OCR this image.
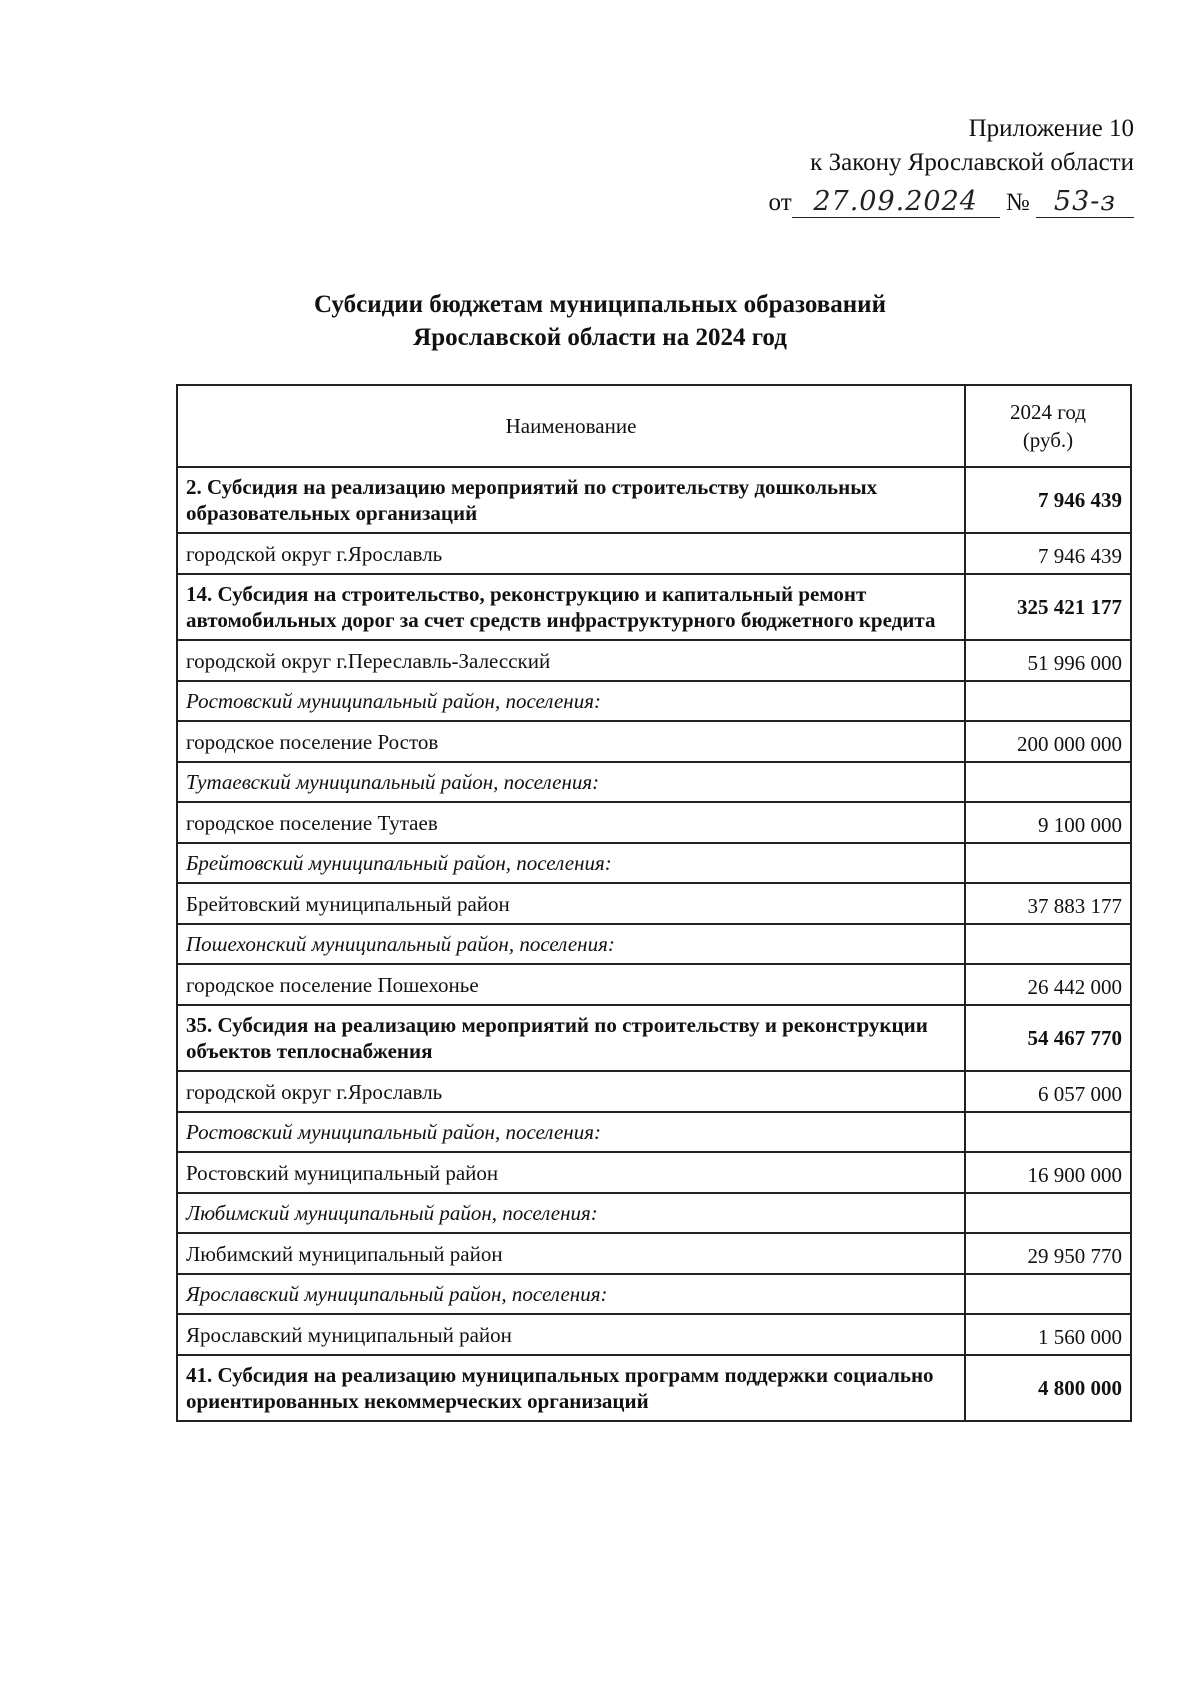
Приложение 10
к Закону Ярославской области
от 27.09.2024 № 53-з
Субсидии бюджетам муниципальных образований
Ярославской области на 2024 год
Наименование	2024 год
(руб.)
2. Субсидия на реализацию мероприятий по строительству дошкольных образовательных организаций	7 946 439
городской округ г.Ярославль	7 946 439
14. Субсидия на строительство, реконструкцию и капитальный ремонт автомобильных дорог за счет средств инфраструктурного бюджетного кредита	325 421 177
городской округ г.Переславль-Залесский	51 996 000
Ростовский муниципальный район, поселения:	
городское поселение Ростов	200 000 000
Тутаевский муниципальный район, поселения:	
городское поселение Тутаев	9 100 000
Брейтовский муниципальный район, поселения:	
Брейтовский муниципальный район	37 883 177
Пошехонский муниципальный район, поселения:	
городское поселение Пошехонье	26 442 000
35. Субсидия на реализацию мероприятий по строительству и реконструкции объектов теплоснабжения	54 467 770
городской округ г.Ярославль	6 057 000
Ростовский муниципальный район, поселения:	
Ростовский муниципальный район	16 900 000
Любимский муниципальный район, поселения:	
Любимский муниципальный район	29 950 770
Ярославский муниципальный район, поселения:	
Ярославский муниципальный район	1 560 000
41. Субсидия на реализацию муниципальных программ поддержки социально ориентированных некоммерческих организаций	4 800 000
